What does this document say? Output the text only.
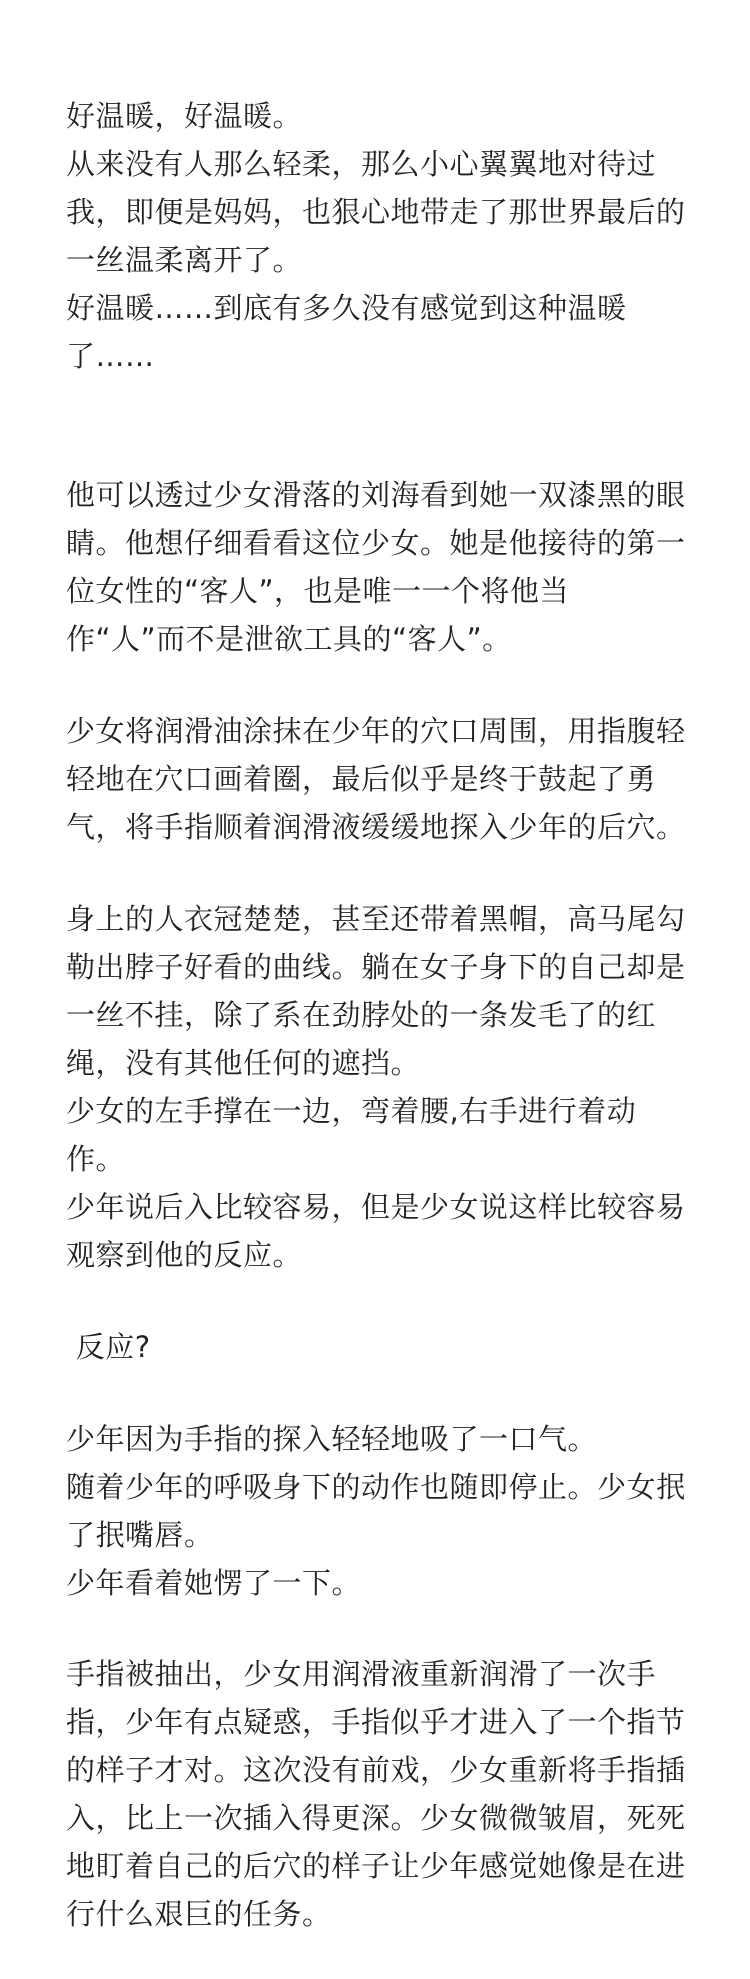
好温暖，好温暖。
从来没有人那么轻柔，那么小心翼翼地对待过
我，即便是妈妈，也狠心地带走了那世界最后的
一丝温柔离开了。
好温暖……到底有多久没有感觉到这种温暖
了……
他可以透过少女滑落的刘海看到她一双漆黑的眼
睛。他想仔细看看这位少女。她是他接待的第一
位女性的“客人”，也是唯一一个将他当
作“人”而不是泄欲工具的“客人”。
少女将润滑油涂抹在少年的穴口周围，用指腹轻
轻地在穴口画着圈，最后似乎是终于鼓起了勇
气，将手指顺着润滑液缓缓地探入少年的后穴。
身上的人衣冠楚楚，甚至还带着黑帽，高马尾勾
勒出脖子好看的曲线。躺在女子身下的自己却是
一丝不挂，除了系在劲脖处的一条发毛了的红
绳，没有其他任何的遮挡。
少女的左手撑在一边，弯着腰,右手进行着动
作。
少年说后入比较容易，但是少女说这样比较容易
观察到他的反应。
反应?
少年因为手指的探入轻轻地吸了一口气。
随着少年的呼吸身下的动作也随即停止。少女抿
了抿嘴唇。
少年看着她愣了一下。
手指被抽出，少女用润滑液重新润滑了一次手
指，少年有点疑惑，手指似乎才进入了一个指节
的样子才对。这次没有前戏，少女重新将手指插
入，比上一次插入得更深。少女微微皱眉，死死
地盯着自己的后穴的样子让少年感觉她像是在进
行什么艰巨的任务。
